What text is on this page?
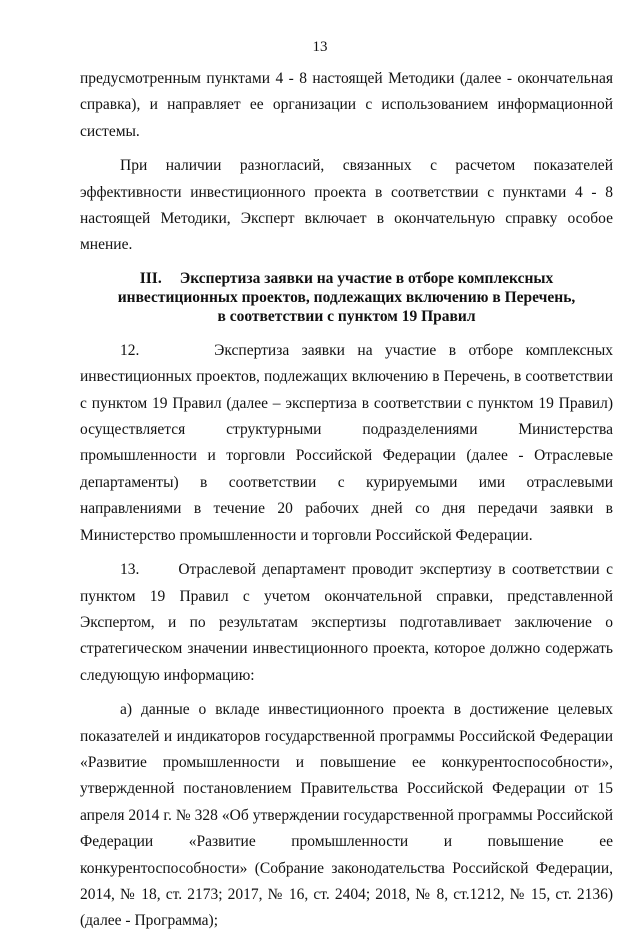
13

предусмотренным пунктами 4 - 8 настоящей Методики (далее - окончательная справка), и направляет ее организации с использованием информационной системы.

При наличии разногласий, связанных с расчетом показателей эффективности инвестиционного проекта в соответствии с пунктами 4 - 8 настоящей Методики, Эксперт включает в окончательную справку особое мнение.

III. Экспертиза заявки на участие в отборе комплексных
инвестиционных проектов, подлежащих включению в Перечень,
в соответствии с пунктом 19 Правил

12.      Экспертиза заявки на участие в отборе комплексных инвестиционных проектов, подлежащих включению в Перечень, в соответствии с пунктом 19 Правил (далее – экспертиза в соответствии с пунктом 19 Правил) осуществляется структурными подразделениями Министерства промышленности и торговли Российской Федерации (далее - Отраслевые департаменты) в соответствии с курируемыми ими отраслевыми направлениями в течение 20 рабочих дней со дня передачи заявки в Министерство промышленности и торговли Российской Федерации.

13.      Отраслевой департамент проводит экспертизу в соответствии с пунктом 19 Правил с учетом окончательной справки, представленной Экспертом, и по результатам экспертизы подготавливает заключение о стратегическом значении инвестиционного проекта, которое должно содержать следующую информацию:

а) данные о вкладе инвестиционного проекта в достижение целевых показателей и индикаторов государственной программы Российской Федерации «Развитие промышленности и повышение ее конкурентоспособности», утвержденной постановлением Правительства Российской Федерации от 15 апреля 2014 г. № 328 «Об утверждении государственной программы Российской Федерации «Развитие промышленности и повышение ее конкурентоспособности» (Собрание законодательства Российской Федерации, 2014, № 18, ст. 2173; 2017, № 16, ст. 2404; 2018, № 8, ст.1212, № 15, ст. 2136) (далее - Программа);
